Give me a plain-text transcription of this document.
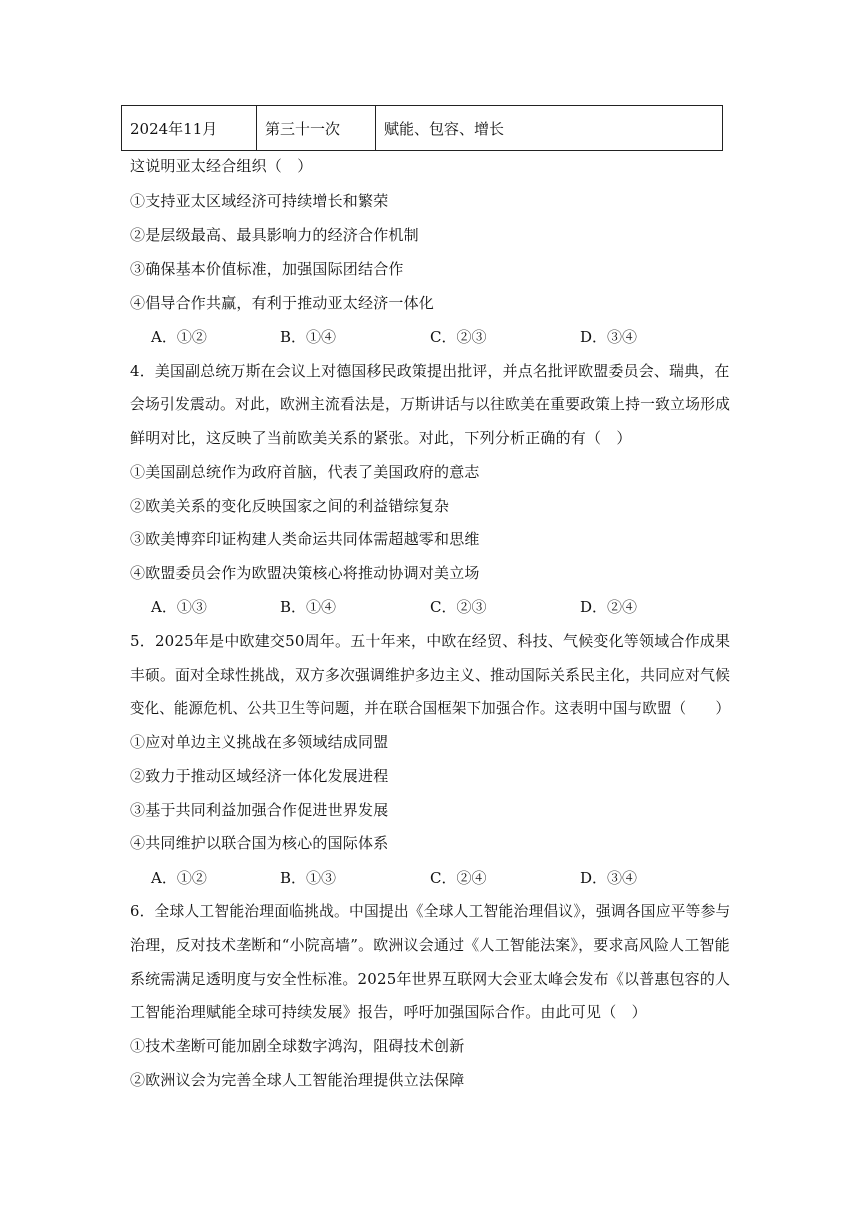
2024年11月	第三十一次	赋能、包容、增长
这说明亚太经合组织（　）
①支持亚太区域经济可持续增长和繁荣
②是层级最高、最具影响力的经济合作机制
③确保基本价值标准，加强国际团结合作
④倡导合作共赢，有利于推动亚太经济一体化
A．①②	B．①④	C．②③	D．③④
4．美国副总统万斯在会议上对德国移民政策提出批评，并点名批评欧盟委员会、瑞典，在
会场引发震动。对此，欧洲主流看法是，万斯讲话与以往欧美在重要政策上持一致立场形成
鲜明对比，这反映了当前欧美关系的紧张。对此，下列分析正确的有（　）
①美国副总统作为政府首脑，代表了美国政府的意志
②欧美关系的变化反映国家之间的利益错综复杂
③欧美博弈印证构建人类命运共同体需超越零和思维
④欧盟委员会作为欧盟决策核心将推动协调对美立场
A．①③	B．①④	C．②③	D．②④
5．2025年是中欧建交50周年。五十年来，中欧在经贸、科技、气候变化等领域合作成果
丰硕。面对全球性挑战，双方多次强调维护多边主义、推动国际关系民主化，共同应对气候
变化、能源危机、公共卫生等问题，并在联合国框架下加强合作。这表明中国与欧盟（　　）
①应对单边主义挑战在多领域结成同盟
②致力于推动区域经济一体化发展进程
③基于共同利益加强合作促进世界发展
④共同维护以联合国为核心的国际体系
A．①②	B．①③	C．②④	D．③④
6．全球人工智能治理面临挑战。中国提出《全球人工智能治理倡议》，强调各国应平等参与
治理，反对技术垄断和“小院高墙”。欧洲议会通过《人工智能法案》，要求高风险人工智能
系统需满足透明度与安全性标准。2025年世界互联网大会亚太峰会发布《以普惠包容的人
工智能治理赋能全球可持续发展》报告，呼吁加强国际合作。由此可见（　）
①技术垄断可能加剧全球数字鸿沟，阻碍技术创新
②欧洲议会为完善全球人工智能治理提供立法保障
